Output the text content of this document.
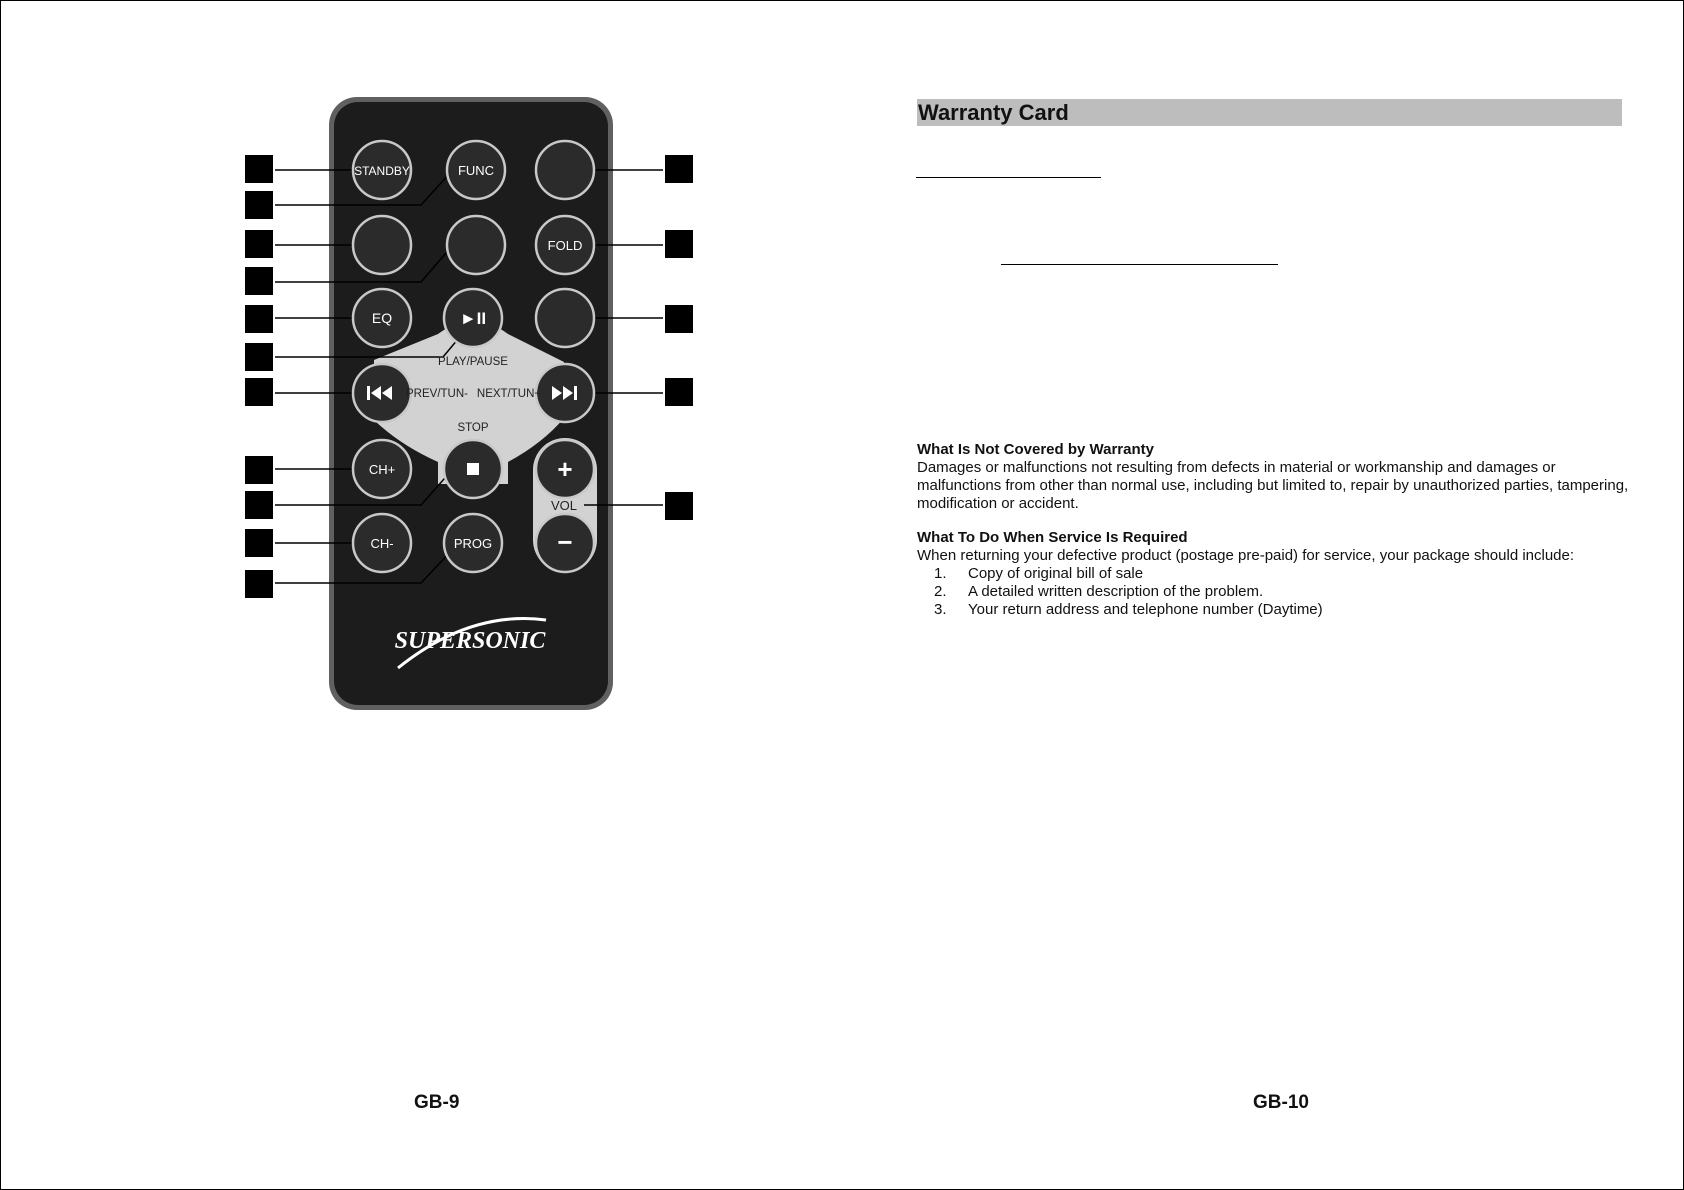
STANDBY	FUNC
FOLD
EQ	►II
CH+
CH-	PROG
+
−
PLAY/PAUSE
PREV/TUN- NEXT/TUN+
STOP
VOL
SUPERSONIC
GB-9
Warranty Card
What Is Not Covered by Warranty

Damages or malfunctions not resulting from defects in material or workmanship and damages or malfunctions from other than normal use, including but limited to, repair by unauthorized parties, tampering, modification or accident.

What To Do When Service Is Required

When returning your defective product (postage pre-paid) for service, your package should include:

1.	Copy of original bill of sale
2.	A detailed written description of the problem.
3.	Your return address and telephone number (Daytime)
GB-10
